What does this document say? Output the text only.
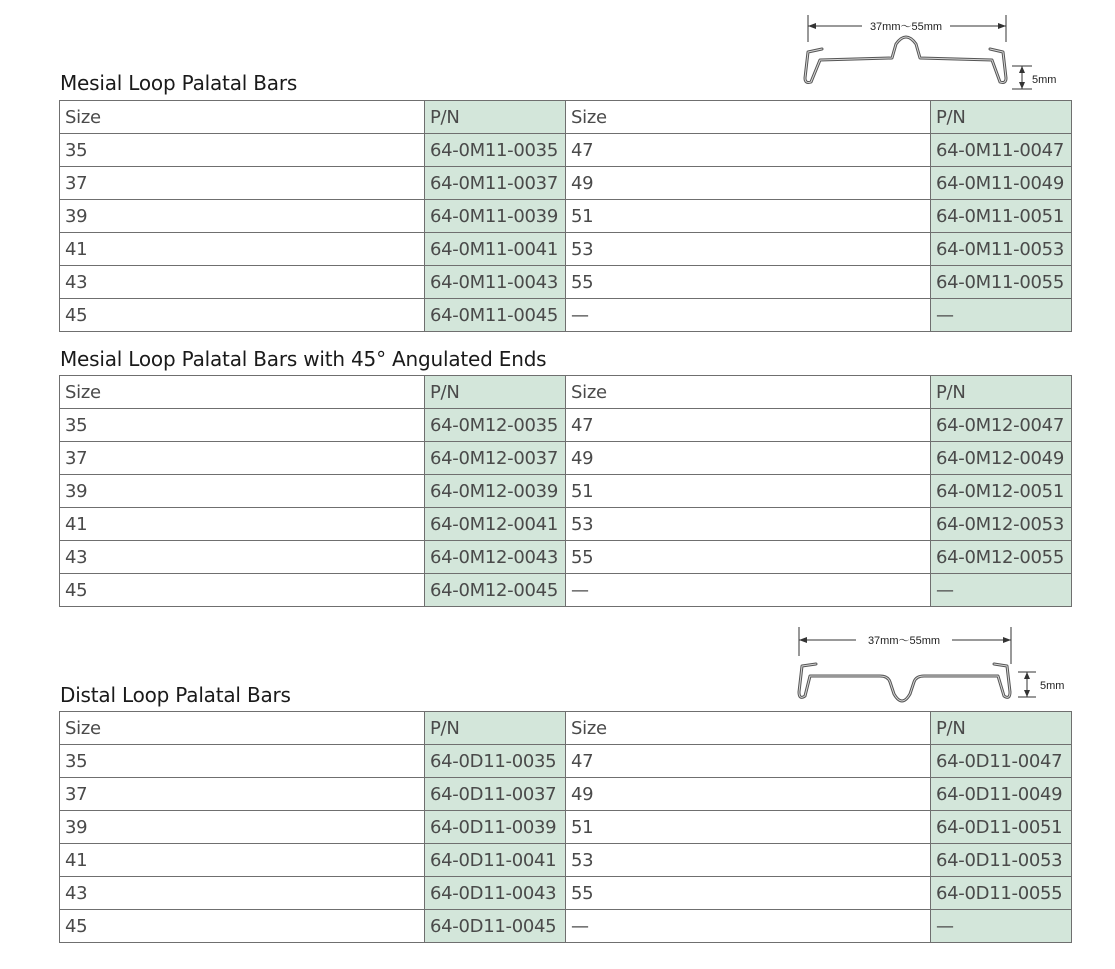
37mm～55mm
5mm
Mesial Loop Palatal Bars
Size	P/N	Size	P/N
35	64-0M11-0035	47	64-0M11-0047
37	64-0M11-0037	49	64-0M11-0049
39	64-0M11-0039	51	64-0M11-0051
41	64-0M11-0041	53	64-0M11-0053
43	64-0M11-0043	55	64-0M11-0055
45	64-0M11-0045	—	—
Mesial Loop Palatal Bars with 45° Angulated Ends
Size	P/N	Size	P/N
35	64-0M12-0035	47	64-0M12-0047
37	64-0M12-0037	49	64-0M12-0049
39	64-0M12-0039	51	64-0M12-0051
41	64-0M12-0041	53	64-0M12-0053
43	64-0M12-0043	55	64-0M12-0055
45	64-0M12-0045	—	—
37mm～55mm
5mm
Distal Loop Palatal Bars
Size	P/N	Size	P/N
35	64-0D11-0035	47	64-0D11-0047
37	64-0D11-0037	49	64-0D11-0049
39	64-0D11-0039	51	64-0D11-0051
41	64-0D11-0041	53	64-0D11-0053
43	64-0D11-0043	55	64-0D11-0055
45	64-0D11-0045	—	—
